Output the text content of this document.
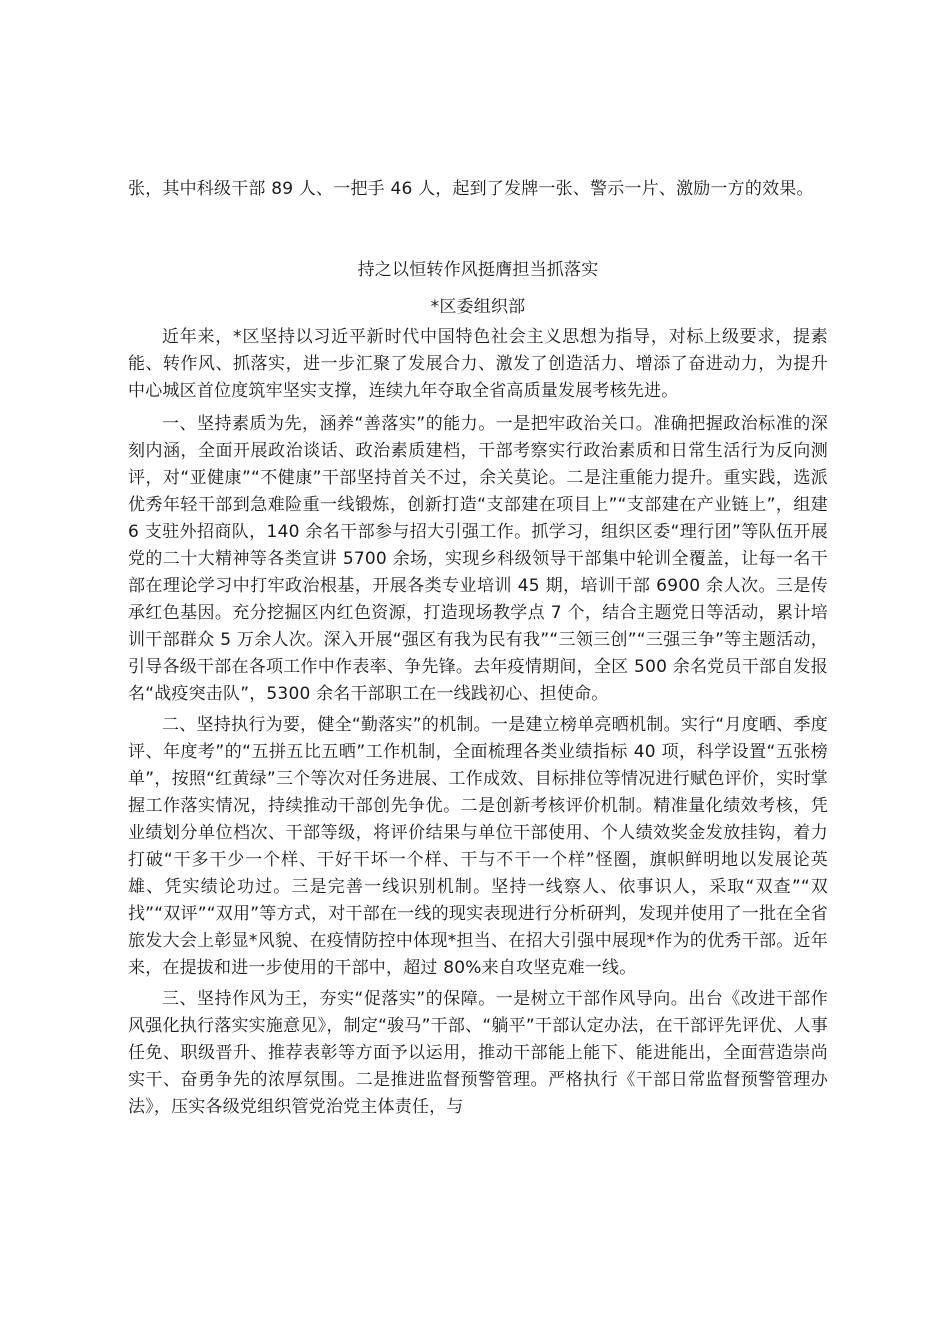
张，其中科级干部 89 人、一把手 46 人，起到了发牌一张、警示一片、激励一方的效果。

持之以恒转作风挺膺担当抓落实

*区委组织部

近年来，*区坚持以习近平新时代中国特色社会主义思想为指导，对标上级要求，提素能、转作风、抓落实，进一步汇聚了发展合力、激发了创造活力、增添了奋进动力，为提升中心城区首位度筑牢坚实支撑，连续九年夺取全省高质量发展考核先进。

一、坚持素质为先，涵养“善落实”的能力。一是把牢政治关口。准确把握政治标准的深刻内涵，全面开展政治谈话、政治素质建档，干部考察实行政治素质和日常生活行为反向测评，对“亚健康”“不健康”干部坚持首关不过，余关莫论。二是注重能力提升。重实践，选派优秀年轻干部到急难险重一线锻炼，创新打造“支部建在项目上”“支部建在产业链上”，组建 6 支驻外招商队，140 余名干部参与招大引强工作。抓学习，组织区委“理行团”等队伍开展党的二十大精神等各类宣讲 5700 余场，实现乡科级领导干部集中轮训全覆盖，让每一名干部在理论学习中打牢政治根基，开展各类专业培训 45 期，培训干部 6900 余人次。三是传承红色基因。充分挖掘区内红色资源，打造现场教学点 7 个，结合主题党日等活动，累计培训干部群众 5 万余人次。深入开展“强区有我为民有我”“三领三创”“三强三争”等主题活动，引导各级干部在各项工作中作表率、争先锋。去年疫情期间，全区 500 余名党员干部自发报名“战疫突击队”，5300 余名干部职工在一线践初心、担使命。

二、坚持执行为要，健全“勤落实”的机制。一是建立榜单亮晒机制。实行“月度晒、季度评、年度考”的“五拼五比五晒”工作机制，全面梳理各类业绩指标 40 项，科学设置“五张榜单”，按照“红黄绿”三个等次对任务进展、工作成效、目标排位等情况进行赋色评价，实时掌握工作落实情况，持续推动干部创先争优。二是创新考核评价机制。精准量化绩效考核，凭业绩划分单位档次、干部等级，将评价结果与单位干部使用、个人绩效奖金发放挂钩，着力打破“干多干少一个样、干好干坏一个样、干与不干一个样”怪圈，旗帜鲜明地以发展论英雄、凭实绩论功过。三是完善一线识别机制。坚持一线察人、依事识人，采取“双查”“双找”“双评”“双用”等方式，对干部在一线的现实表现进行分析研判，发现并使用了一批在全省旅发大会上彰显*风貌、在疫情防控中体现*担当、在招大引强中展现*作为的优秀干部。近年来，在提拔和进一步使用的干部中，超过 80%来自攻坚克难一线。

三、坚持作风为王，夯实“促落实”的保障。一是树立干部作风导向。出台《改进干部作风强化执行落实实施意见》，制定“骏马”干部、“躺平”干部认定办法，在干部评先评优、人事任免、职级晋升、推荐表彰等方面予以运用，推动干部能上能下、能进能出，全面营造崇尚实干、奋勇争先的浓厚氛围。二是推进监督预警管理。严格执行《干部日常监督预警管理办法》，压实各级党组织管党治党主体责任，与
